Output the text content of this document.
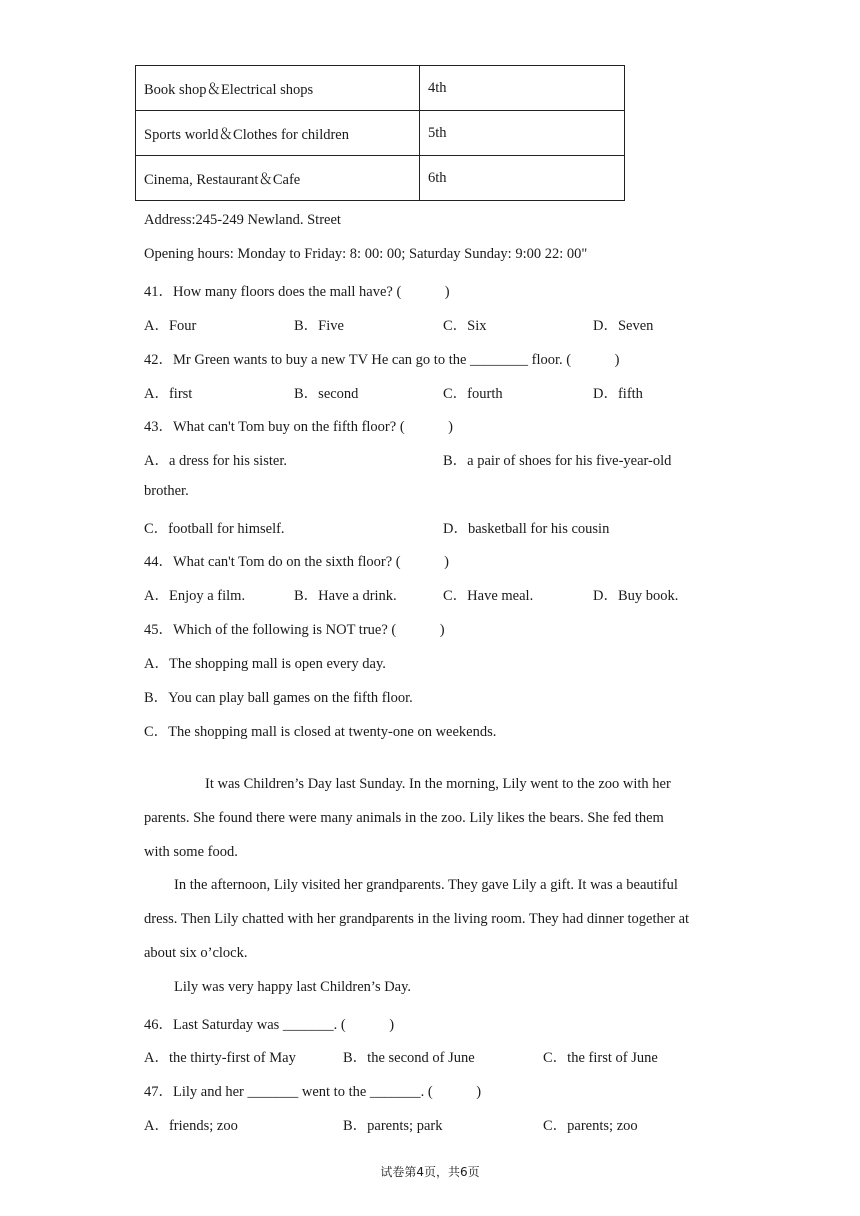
Book shop＆Electrical shops	4th
Sports world＆Clothes for children	5th
Cinema, Restaurant＆Cafe	6th
Address:245-249 Newland. Street
Opening hours: Monday to Friday: 8: 00: 00; Saturday Sunday: 9:00 22: 00"
41．How many floors does the mall have? (　　　)
A．Four	B．Five	C．Six	D．Seven
42．Mr Green wants to buy a new TV He can go to the ________ floor. (　　　)
A．first	B．second	C．fourth	D．fifth
43．What can't Tom buy on the fifth floor? (　　　)
A．a dress for his sister.	B．a pair of shoes for his five-year-old
brother.
C．football for himself.	D．basketball for his cousin
44．What can't Tom do on the sixth floor? (　　　)
A．Enjoy a film.	B．Have a drink.	C．Have meal.	D．Buy book.
45．Which of the following is NOT true? (　　　)
A．The shopping mall is open every day.
B．You can play ball games on the fifth floor.
C．The shopping mall is closed at twenty-one on weekends.
It was Children’s Day last Sunday. In the morning, Lily went to the zoo with her
parents. She found there were many animals in the zoo. Lily likes the bears. She fed them
with some food.
In the afternoon, Lily visited her grandparents. They gave Lily a gift. It was a beautiful
dress. Then Lily chatted with her grandparents in the living room. They had dinner together at
about six o’clock.
Lily was very happy last Children’s Day.
46．Last Saturday was _______. (　　　)
A．the thirty-first of May	B．the second of June	C．the first of June
47．Lily and her _______ went to the _______. (　　　)
A．friends; zoo	B．parents; park	C．parents; zoo
试卷第4页，共6页
